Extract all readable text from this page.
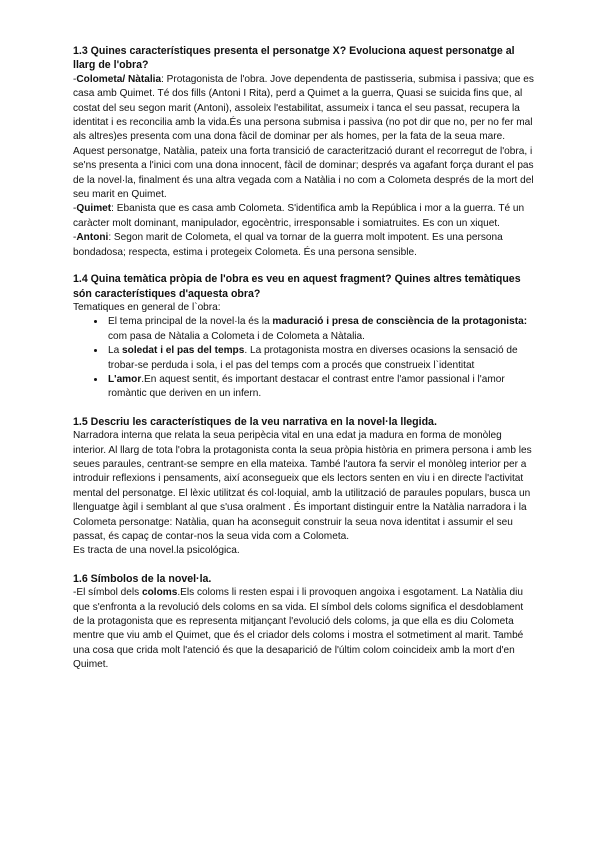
1.3 Quines característiques presenta el personatge X? Evoluciona aquest personatge al llarg de l'obra?

-Colometa/ Nàtalia: Protagonista de l'obra. Jove dependenta de pastisseria, submisa i passiva; que es casa amb Quimet. Té dos fills (Antoni I Rita), perd a Quimet a la guerra, Quasi se suicida fins que, al costat del seu segon marit (Antoni), assoleix l'estabilitat, assumeix i tanca el seu passat, recupera la identitat i es reconcilia amb la vida.És una persona submisa i passiva (no pot dir que no, per no fer mal als altres)es presenta com una dona fàcil de dominar per als homes, per la fata de la seua mare.

Aquest personatge, Natàlia, pateix una forta transició de caracterització durant el recorregut de l'obra, i se'ns presenta a l'inici com una dona innocent, fàcil de dominar; després va agafant força durant el pas de la novel·la, finalment és una altra vegada com a Natàlia i no com a Colometa després de la mort del seu marit en Quimet.

-Quimet: Ebanista que es casa amb Colometa. S'identifica amb la República i mor a la guerra. Té un caràcter molt dominant, manipulador, egocèntric, irresponsable i somiatruites. Es con un xiquet.

-Antoni: Segon marit de Colometa, el qual va tornar de la guerra molt impotent. Es una persona bondadosa; respecta, estima i protegeix Colometa. És una persona sensible.

1.4 Quina temàtica pròpia de l'obra es veu en aquest fragment? Quines altres temàtiques són característiques d'aquesta obra?

Tematiques en general de l`obra:

• El tema principal de la novel·la és la maduració i presa de consciència de la protagonista: com pasa de Nàtalia a Colometa i de Colometa a Nàtalia.
• La soledat i el pas del temps. La protagonista mostra en diverses ocasions la sensació de trobar-se perduda i sola, i el pas del temps com a procés que construeix l`identitat
• L'amor.En aquest sentit, és important destacar el contrast entre l'amor passional i l'amor romàntic que deriven en un infern.

1.5 Descriu les característiques de la veu narrativa en la novel·la llegida.

Narradora interna que relata la seua peripècia vital en una edat ja madura en forma de monòleg interior. Al llarg de tota l'obra la protagonista conta la seua pròpia història en primera persona i amb les seues paraules, centrant-se sempre en ella mateixa. També l'autora fa servir el monòleg interior per a introduir reflexions i pensaments, així aconsegueix que els lectors senten en viu i en directe l'activitat mental del personatge. El lèxic utilitzat és col·loquial, amb la utilització de paraules populars, busca un llenguatge àgil i semblant al que s'usa oralment . És important distinguir entre la Natàlia narradora i la Colometa personatge: Natàlia, quan ha aconseguit construir la seua nova identitat i assumir el seu passat, és capaç de contar-nos la seua vida com a Colometa.

Es tracta de una novel.la psicológica.

1.6 Símbolos de la novel·la.

-El símbol dels coloms.Els coloms li resten espai i li provoquen angoixa i esgotament. La Natàlia diu que s'enfronta a la revolució dels coloms en sa vida. El símbol dels coloms significa el desdoblament de la protagonista que es representa mitjançant l'evolució dels coloms, ja que ella es diu Colometa mentre que viu amb el Quimet, que és el criador dels coloms i mostra el sotmetiment al marit. També una cosa que crida molt l'atenció és que la desaparició de l'últim colom coincideix amb la mort d'en Quimet.
